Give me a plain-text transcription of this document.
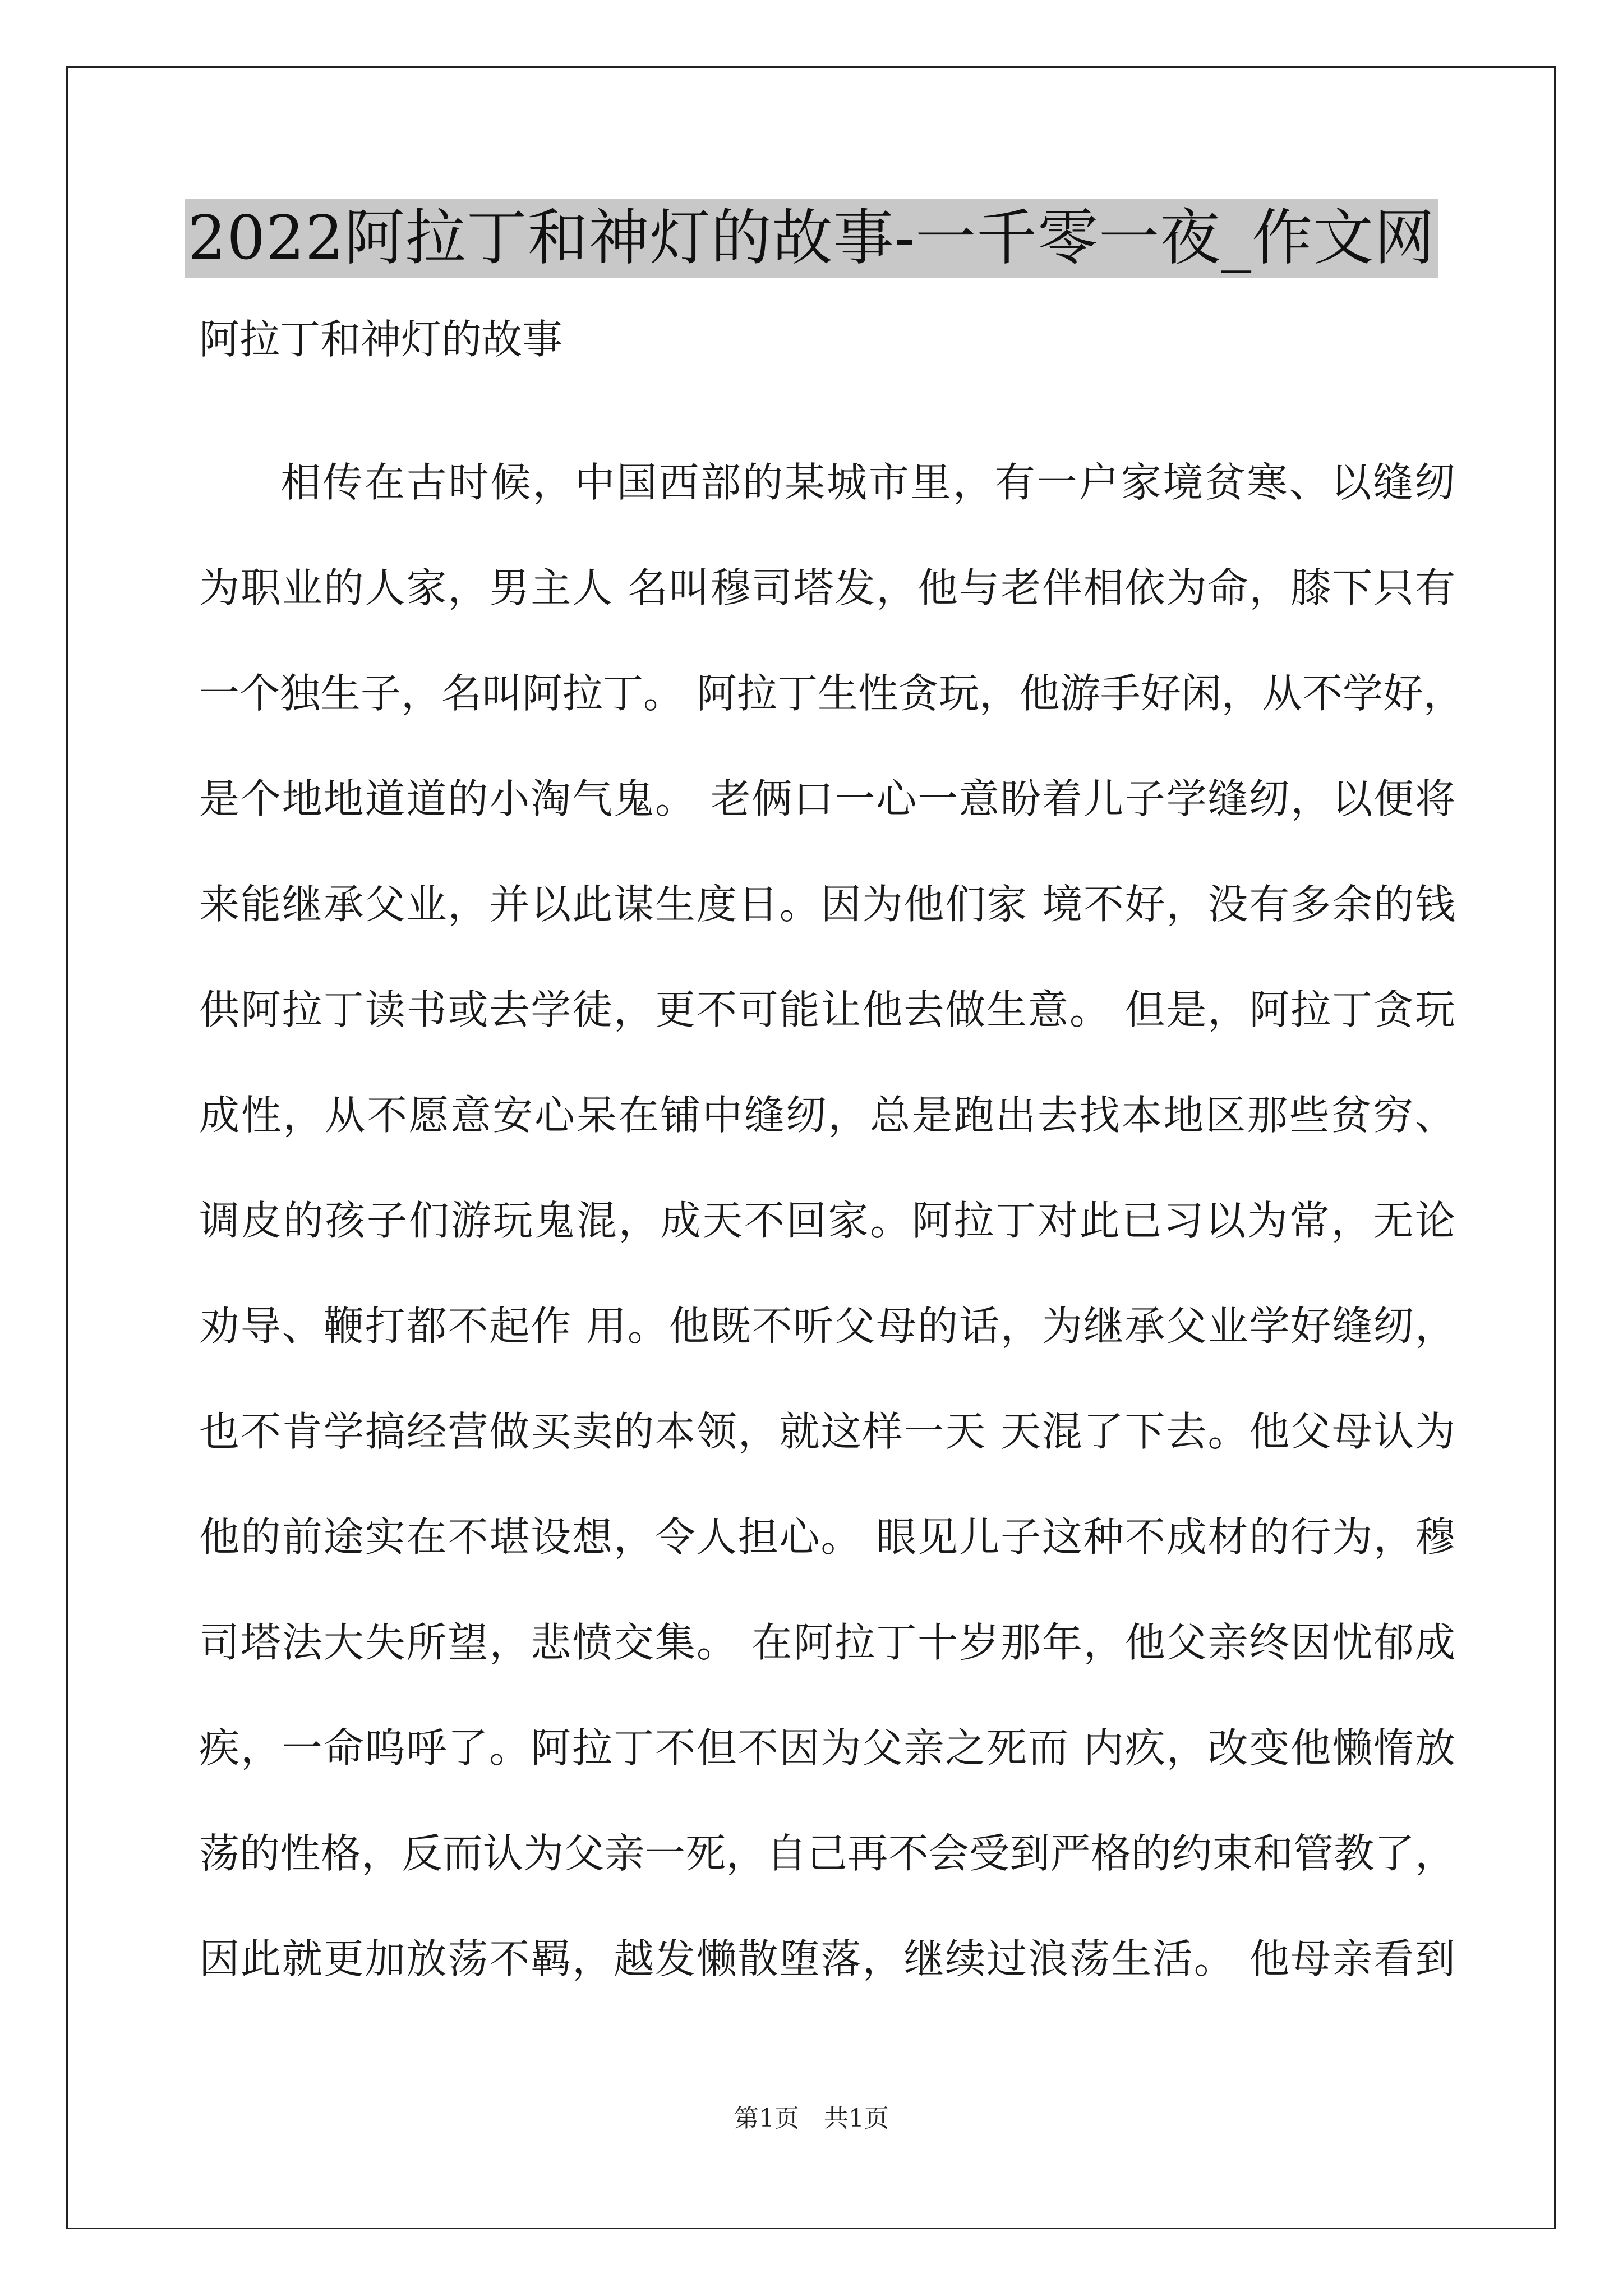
2022阿拉丁和神灯的故事-一千零一夜_作文网
阿拉丁和神灯的故事
相传在古时候，中国西部的某城市里，有一户家境贫寒、以缝纫
为职业的人家，男主人 名叫穆司塔发，他与老伴相依为命，膝下只有
一个独生子，名叫阿拉丁。 阿拉丁生性贪玩，他游手好闲，从不学好，
是个地地道道的小淘气鬼。 老俩口一心一意盼着儿子学缝纫，以便将
来能继承父业，并以此谋生度日。因为他们家 境不好，没有多余的钱
供阿拉丁读书或去学徒，更不可能让他去做生意。 但是，阿拉丁贪玩
成性，从不愿意安心呆在铺中缝纫，总是跑出去找本地区那些贫穷、
调皮的孩子们游玩鬼混，成天不回家。阿拉丁对此已习以为常，无论
劝导、鞭打都不起作 用。他既不听父母的话，为继承父业学好缝纫，
也不肯学搞经营做买卖的本领，就这样一天 天混了下去。他父母认为
他的前途实在不堪设想，令人担心。 眼见儿子这种不成材的行为，穆
司塔法大失所望，悲愤交集。 在阿拉丁十岁那年，他父亲终因忧郁成
疾，一命呜呼了。阿拉丁不但不因为父亲之死而 内疚，改变他懒惰放
荡的性格，反而认为父亲一死，自己再不会受到严格的约束和管教了，
因此就更加放荡不羁，越发懒散堕落，继续过浪荡生活。 他母亲看到
第1页　共1页
